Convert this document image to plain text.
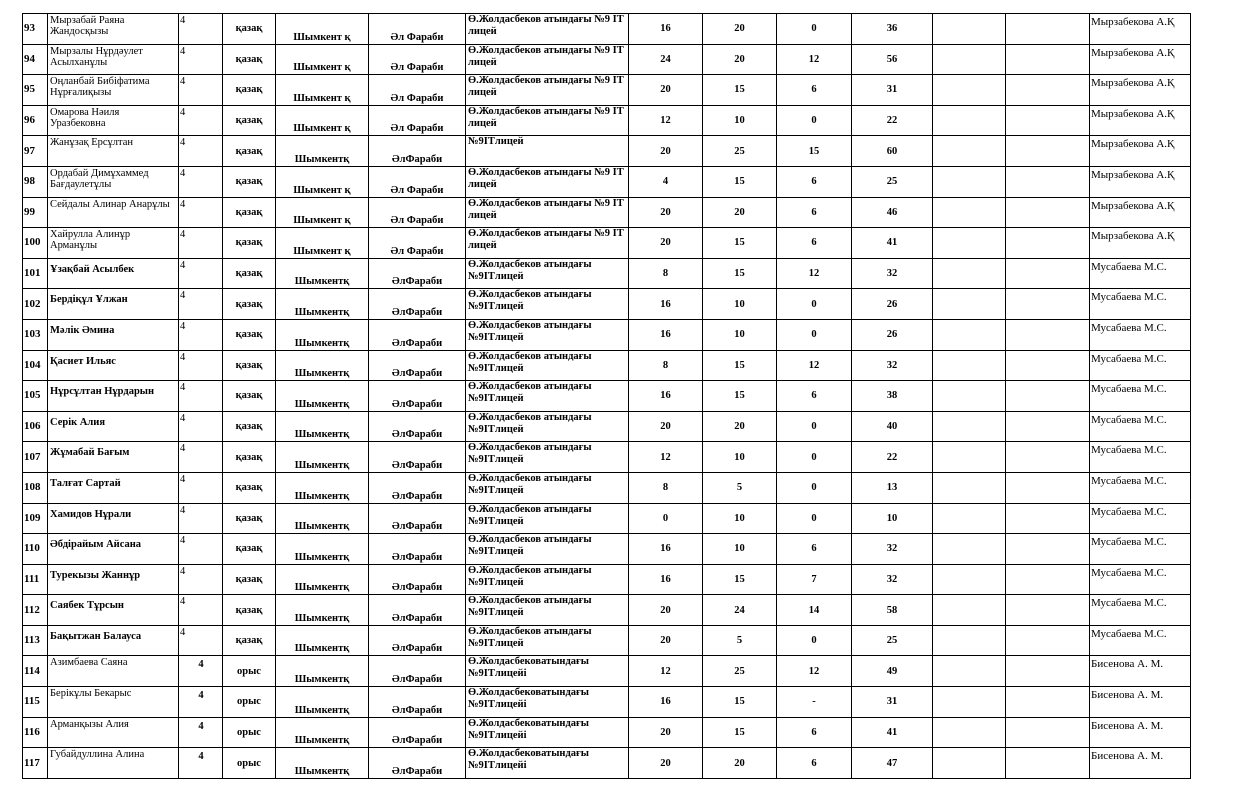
93	Мырзабай Раяна Жандосқызы	4	қазақ	Шымкент қ	Әл Фараби	Ө.Жолдасбеков атындағы №9 IT лицей	16	20	0	36			Мырзабекова А.Қ	
94	Мырзалы Нұрдәулет Асылханұлы	4	қазақ	Шымкент қ	Әл Фараби	Ө.Жолдасбеков атындағы №9 IT лицей	24	20	12	56			Мырзабекова А.Қ	
95	Оңланбай Бибіфатима Нұрғалиқызы	4	қазақ	Шымкент қ	Әл Фараби	Ө.Жолдасбеков атындағы №9 IT лицей	20	15	6	31			Мырзабекова А.Қ	
96	Омарова Нәиля Уразбековна	4	қазақ	Шымкент қ	Әл Фараби	Ө.Жолдасбеков атындағы №9 IT лицей	12	10	0	22			Мырзабекова А.Қ	
97	Жанұзақ Ерсұлтан	4	қазақ	Шымкентқ	ӘлФараби	№9ITлицей	20	25	15	60			Мырзабекова А.Қ	
98	Ордабай Димұхаммед Бағдаулетұлы	4	қазақ	Шымкент қ	Әл Фараби	Ө.Жолдасбеков атындағы №9 IT лицей	4	15	6	25			Мырзабекова А.Қ	
99	Сейдалы Алинар Анарұлы	4	қазақ	Шымкент қ	Әл Фараби	Ө.Жолдасбеков атындағы №9 IT лицей	20	20	6	46			Мырзабекова А.Қ	
100	Хайрулла Алинұр Арманұлы	4	қазақ	Шымкент қ	Әл Фараби	Ө.Жолдасбеков атындағы №9 IT лицей	20	15	6	41			Мырзабекова А.Қ	
101	Ұзақбай Асылбек	4	қазақ	Шымкентқ	ӘлФараби	Ө.Жолдасбеков атындағы №9ITлицей	8	15	12	32			Мусабаева М.С.	
102	Бердіқұл Ұлжан	4	қазақ	Шымкентқ	ӘлФараби	Ө.Жолдасбеков атындағы №9ITлицей	16	10	0	26			Мусабаева М.С.	
103	Мәлік Әмина	4	қазақ	Шымкентқ	ӘлФараби	Ө.Жолдасбеков атындағы №9ITлицей	16	10	0	26			Мусабаева М.С.	
104	Қасиет Ильяс	4	қазақ	Шымкентқ	ӘлФараби	Ө.Жолдасбеков атындағы №9ITлицей	8	15	12	32			Мусабаева М.С.	
105	Нұрсұлтан Нұрдарын	4	қазақ	Шымкентқ	ӘлФараби	Ө.Жолдасбеков атындағы №9ITлицей	16	15	6	38			Мусабаева М.С.	
106	Серік Алия	4	қазақ	Шымкентқ	ӘлФараби	Ө.Жолдасбеков атындағы №9ITлицей	20	20	0	40			Мусабаева М.С.	
107	Жұмабай Бағым	4	қазақ	Шымкентқ	ӘлФараби	Ө.Жолдасбеков атындағы №9ITлицей	12	10	0	22			Мусабаева М.С.	
108	Талғат Сартай	4	қазақ	Шымкентқ	ӘлФараби	Ө.Жолдасбеков атындағы №9ITлицей	8	5	0	13			Мусабаева М.С.	
109	Хамидов Нұрали	4	қазақ	Шымкентқ	ӘлФараби	Ө.Жолдасбеков атындағы №9ITлицей	0	10	0	10			Мусабаева М.С.	
110	Әбдірайым Айсана	4	қазақ	Шымкентқ	ӘлФараби	Ө.Жолдасбеков атындағы №9ITлицей	16	10	6	32			Мусабаева М.С.	
111	Турекызы Жаннұр	4	қазақ	Шымкентқ	ӘлФараби	Ө.Жолдасбеков атындағы №9ITлицей	16	15	7	32			Мусабаева М.С.	
112	Саябек Тұрсын	4	қазақ	Шымкентқ	ӘлФараби	Ө.Жолдасбеков атындағы №9ITлицей	20	24	14	58			Мусабаева М.С.	
113	Бақытжан Балауса	4	қазақ	Шымкентқ	ӘлФараби	Ө.Жолдасбеков атындағы №9ITлицей	20	5	0	25			Мусабаева М.С.	
114	Азимбаева Саяна	4	орыс	Шымкентқ	ӘлФараби	Ө.Жолдасбековатындағы №9ITлицейі	12	25	12	49			Бисенова А. М.	
115	Берікұлы Бекарыс	4	орыс	Шымкентқ	ӘлФараби	Ө.Жолдасбековатындағы №9ITлицейі	16	15	-	31			Бисенова А. М.	
116	Арманқызы Алия	4	орыс	Шымкентқ	ӘлФараби	Ө.Жолдасбековатындағы №9ITлицейі	20	15	6	41			Бисенова А. М.	
117	Губайдуллина Алина	4	орыс	Шымкентқ	ӘлФараби	Ө.Жолдасбековатындағы №9ITлицейі	20	20	6	47			Бисенова А. М.	
